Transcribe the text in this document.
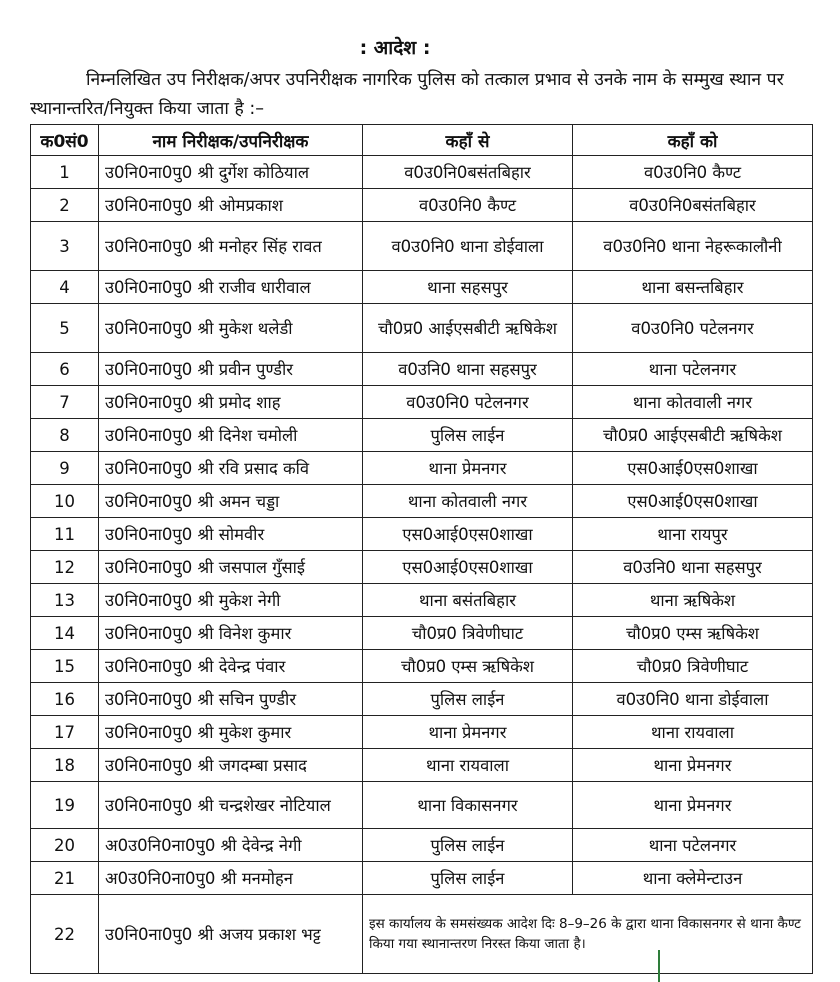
: आदेश :
निम्नलिखित उप निरीक्षक/अपर उपनिरीक्षक नागरिक पुलिस को तत्काल प्रभाव से उनके नाम के सम्मुख स्थान पर स्थानान्तरित/नियुक्त किया जाता है :–
क0सं0	नाम निरीक्षक/उपनिरीक्षक	कहाँ से	कहाँ को
1	उ0नि0ना0पु0 श्री दुर्गेश कोठियाल	व0उ0नि0बसंतबिहार	व0उ0नि0 कैण्ट
2	उ0नि0ना0पु0 श्री ओमप्रकाश	व0उ0नि0 कैण्ट	व0उ0नि0बसंतबिहार
3	उ0नि0ना0पु0 श्री मनोहर सिंह रावत	व0उ0नि0 थाना डोईवाला	व0उ0नि0 थाना नेहरूकालौनी
4	उ0नि0ना0पु0 श्री राजीव धारीवाल	थाना सहसपुर	थाना बसन्तबिहार
5	उ0नि0ना0पु0 श्री मुकेश थलेडी	चौ0प्र0 आईएसबीटी ऋषिकेश	व0उ0नि0 पटेलनगर
6	उ0नि0ना0पु0 श्री प्रवीन पुण्डीर	व0उनि0 थाना सहसपुर	थाना पटेलनगर
7	उ0नि0ना0पु0 श्री प्रमोद शाह	व0उ0नि0 पटेलनगर	थाना कोतवाली नगर
8	उ0नि0ना0पु0 श्री दिनेश चमोली	पुलिस लाईन	चौ0प्र0 आईएसबीटी ऋषिकेश
9	उ0नि0ना0पु0 श्री रवि प्रसाद कवि	थाना प्रेमनगर	एस0आई0एस0शाखा
10	उ0नि0ना0पु0 श्री अमन चड्डा	थाना कोतवाली नगर	एस0आई0एस0शाखा
11	उ0नि0ना0पु0 श्री सोमवीर	एस0आई0एस0शाखा	थाना रायपुर
12	उ0नि0ना0पु0 श्री जसपाल गुँसाई	एस0आई0एस0शाखा	व0उनि0 थाना सहसपुर
13	उ0नि0ना0पु0 श्री मुकेश नेगी	थाना बसंतबिहार	थाना ऋषिकेश
14	उ0नि0ना0पु0 श्री विनेश कुमार	चौ0प्र0 त्रिवेणीघाट	चौ0प्र0 एम्स ऋषिकेश
15	उ0नि0ना0पु0 श्री देवेन्द्र पंवार	चौ0प्र0 एम्स ऋषिकेश	चौ0प्र0 त्रिवेणीघाट
16	उ0नि0ना0पु0 श्री सचिन पुण्डीर	पुलिस लाईन	व0उ0नि0 थाना डोईवाला
17	उ0नि0ना0पु0 श्री मुकेश कुमार	थाना प्रेमनगर	थाना रायवाला
18	उ0नि0ना0पु0 श्री जगदम्बा प्रसाद	थाना रायवाला	थाना प्रेमनगर
19	उ0नि0ना0पु0 श्री चन्द्रशेखर नोटियाल	थाना विकासनगर	थाना प्रेमनगर
20	अ0उ0नि0ना0पु0 श्री देवेन्द्र नेगी	पुलिस लाईन	थाना पटेलनगर
21	अ0उ0नि0ना0पु0 श्री मनमोहन	पुलिस लाईन	थाना क्लेमेन्टाउन
22	उ0नि0ना0पु0 श्री अजय प्रकाश भट्ट	इस कार्यालय के समसंख्यक आदेश दिः 8–9–26 के द्वारा थाना विकासनगर से थाना कैण्ट किया गया स्थानान्तरण निरस्त किया जाता है।	
